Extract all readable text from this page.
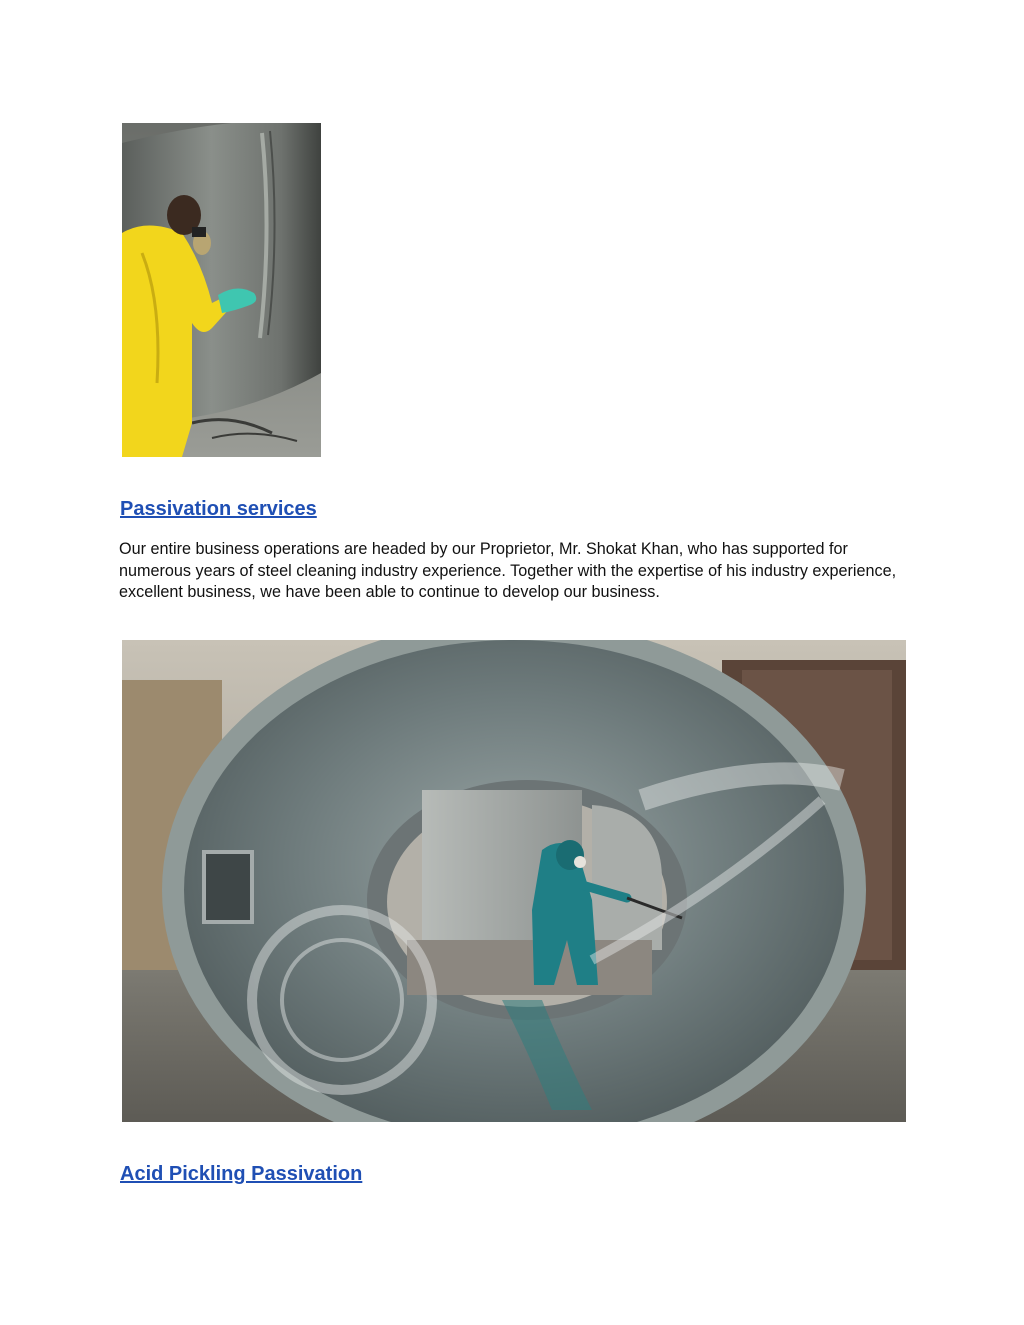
Passivation services

Our entire business operations are headed by our Proprietor, Mr. Shokat Khan, who has supported for numerous years of steel cleaning industry experience. Together with the expertise of his industry experience, excellent business, we have been able to continue to develop our business.

Acid Pickling Passivation
